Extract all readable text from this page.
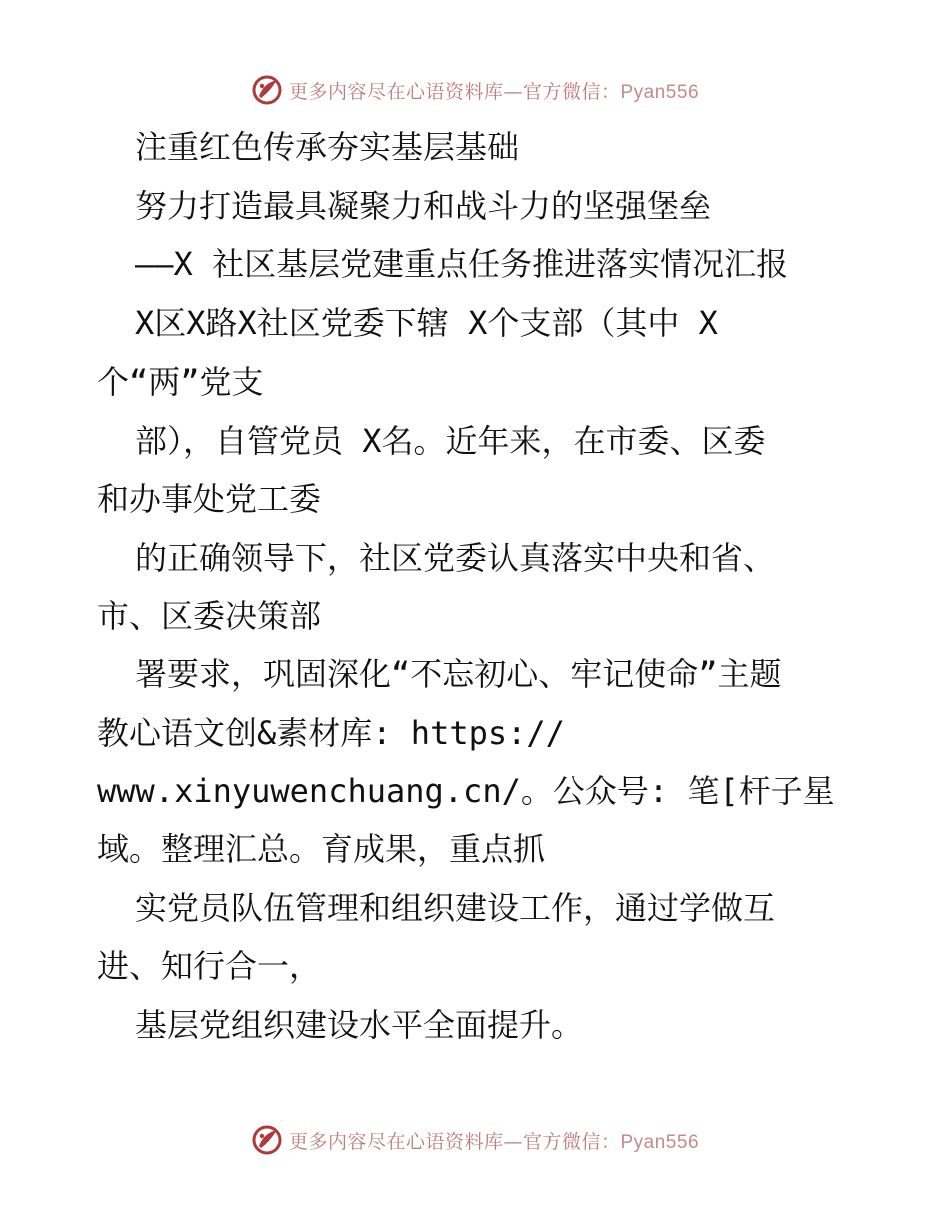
更多内容尽在心语资料库—官方微信：Pyan556
注重红色传承夯实基层基础
努力打造最具凝聚力和战斗力的坚强堡垒
——X 社区基层党建重点任务推进落实情况汇报
X区X路X社区党委下辖 X个支部（其中 X
个“两”党支
部），自管党员 X名。近年来，在市委、区委
和办事处党工委
的正确领导下，社区党委认真落实中央和省、
市、区委决策部
署要求，巩固深化“不忘初心、牢记使命”主题
教心语文创&素材库: https://
www.xinyuwenchuang.cn/。公众号: 笔[杆子星
域。整理汇总。育成果，重点抓
实党员队伍管理和组织建设工作，通过学做互
进、知行合一，
基层党组织建设水平全面提升。
更多内容尽在心语资料库—官方微信：Pyan556
